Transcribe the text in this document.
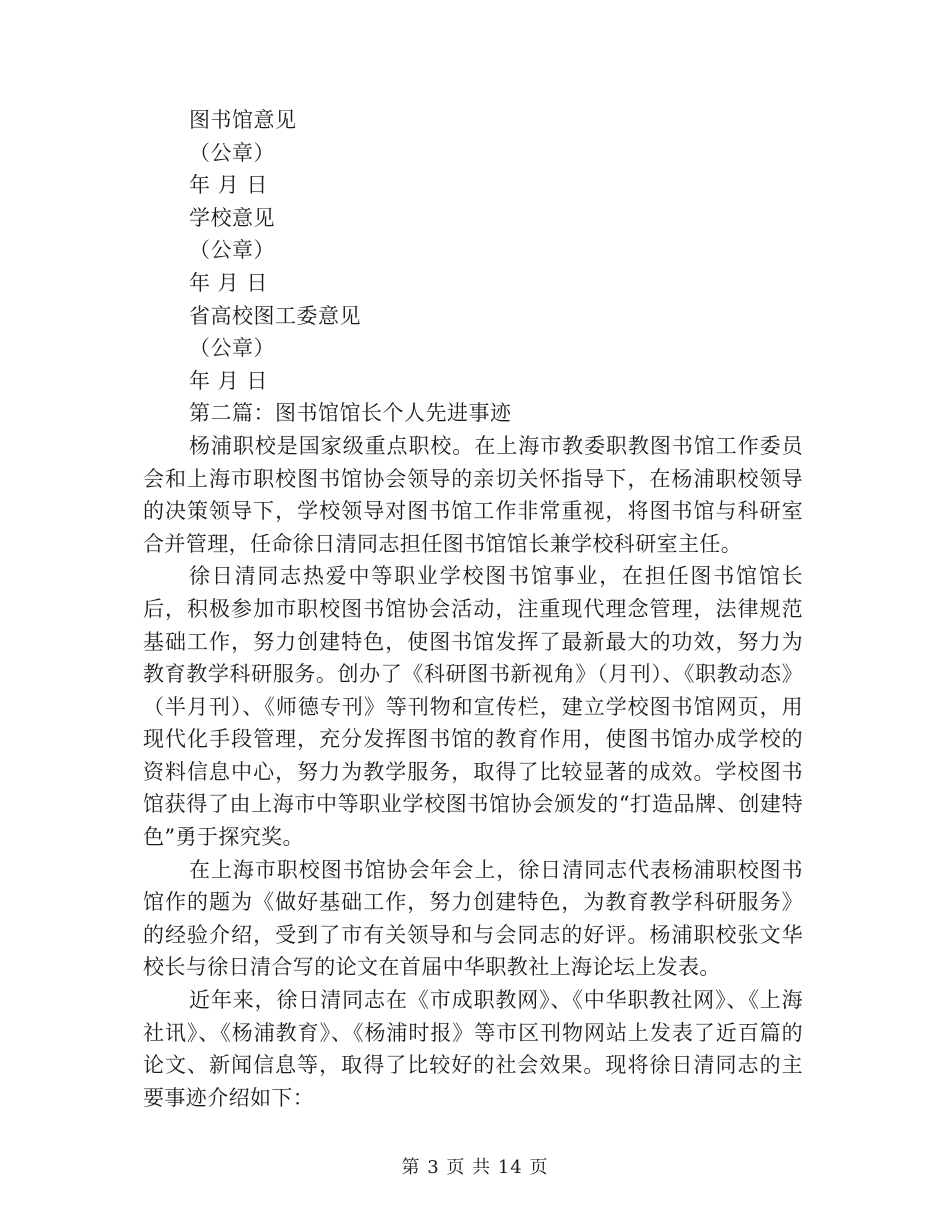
图书馆意见
（公章）
年 月 日
学校意见
（公章）
年 月 日
省高校图工委意见
（公章）
年 月 日
第二篇：图书馆馆长个人先进事迹

杨浦职校是国家级重点职校。在上海市教委职教图书馆工作委员会和上海市职校图书馆协会领导的亲切关怀指导下，在杨浦职校领导的决策领导下，学校领导对图书馆工作非常重视，将图书馆与科研室合并管理，任命徐日清同志担任图书馆馆长兼学校科研室主任。

徐日清同志热爱中等职业学校图书馆事业，在担任图书馆馆长后，积极参加市职校图书馆协会活动，注重现代理念管理，法律规范基础工作，努力创建特色，使图书馆发挥了最新最大的功效，努力为教育教学科研服务。创办了《科研图书新视角》（月刊）、《职教动态》（半月刊）、《师德专刊》等刊物和宣传栏，建立学校图书馆网页，用现代化手段管理，充分发挥图书馆的教育作用，使图书馆办成学校的资料信息中心，努力为教学服务，取得了比较显著的成效。学校图书馆获得了由上海市中等职业学校图书馆协会颁发的“打造品牌、创建特色”勇于探究奖。

在上海市职校图书馆协会年会上，徐日清同志代表杨浦职校图书馆作的题为《做好基础工作，努力创建特色，为教育教学科研服务》的经验介绍，受到了市有关领导和与会同志的好评。杨浦职校张文华校长与徐日清合写的论文在首届中华职教社上海论坛上发表。

近年来，徐日清同志在《市成职教网》、《中华职教社网》、《上海社讯》、《杨浦教育》、《杨浦时报》等市区刊物网站上发表了近百篇的论文、新闻信息等，取得了比较好的社会效果。现将徐日清同志的主要事迹介绍如下：

第 3 页 共 14 页
